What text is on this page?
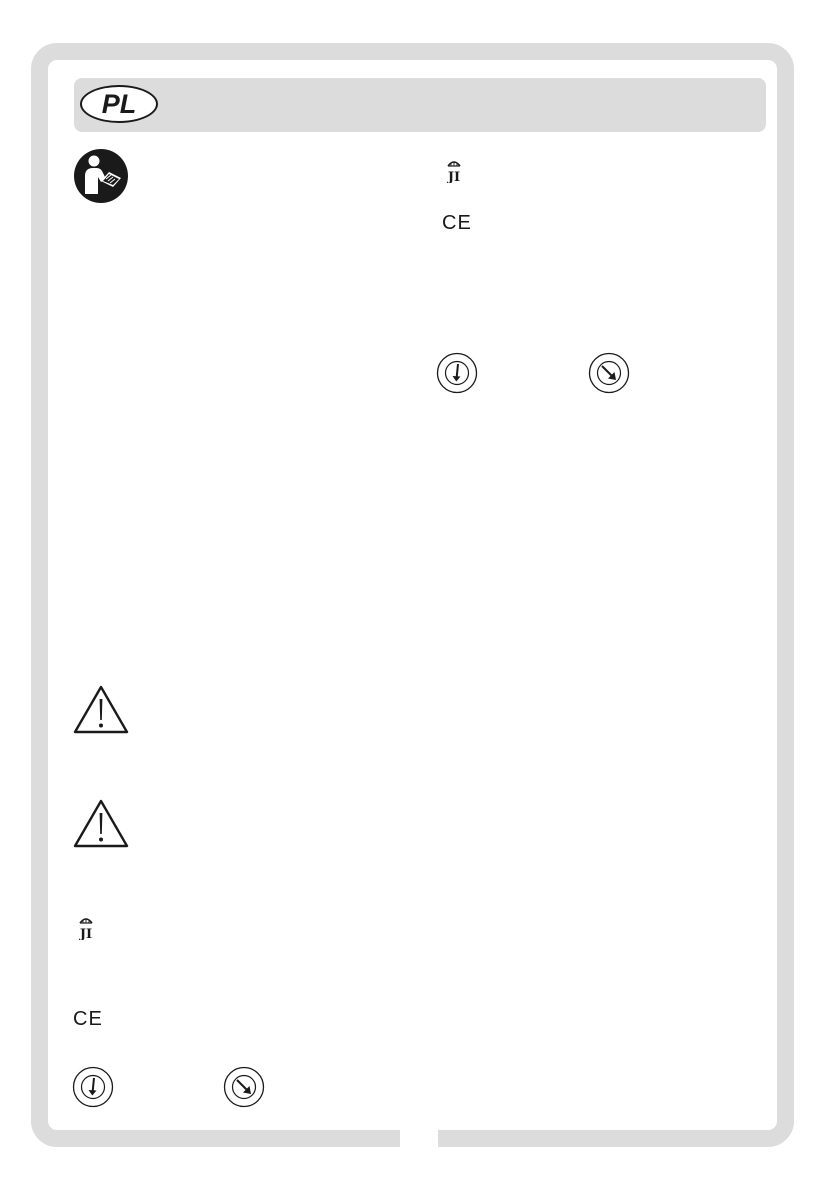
PL
JI
CE
JI
CE
